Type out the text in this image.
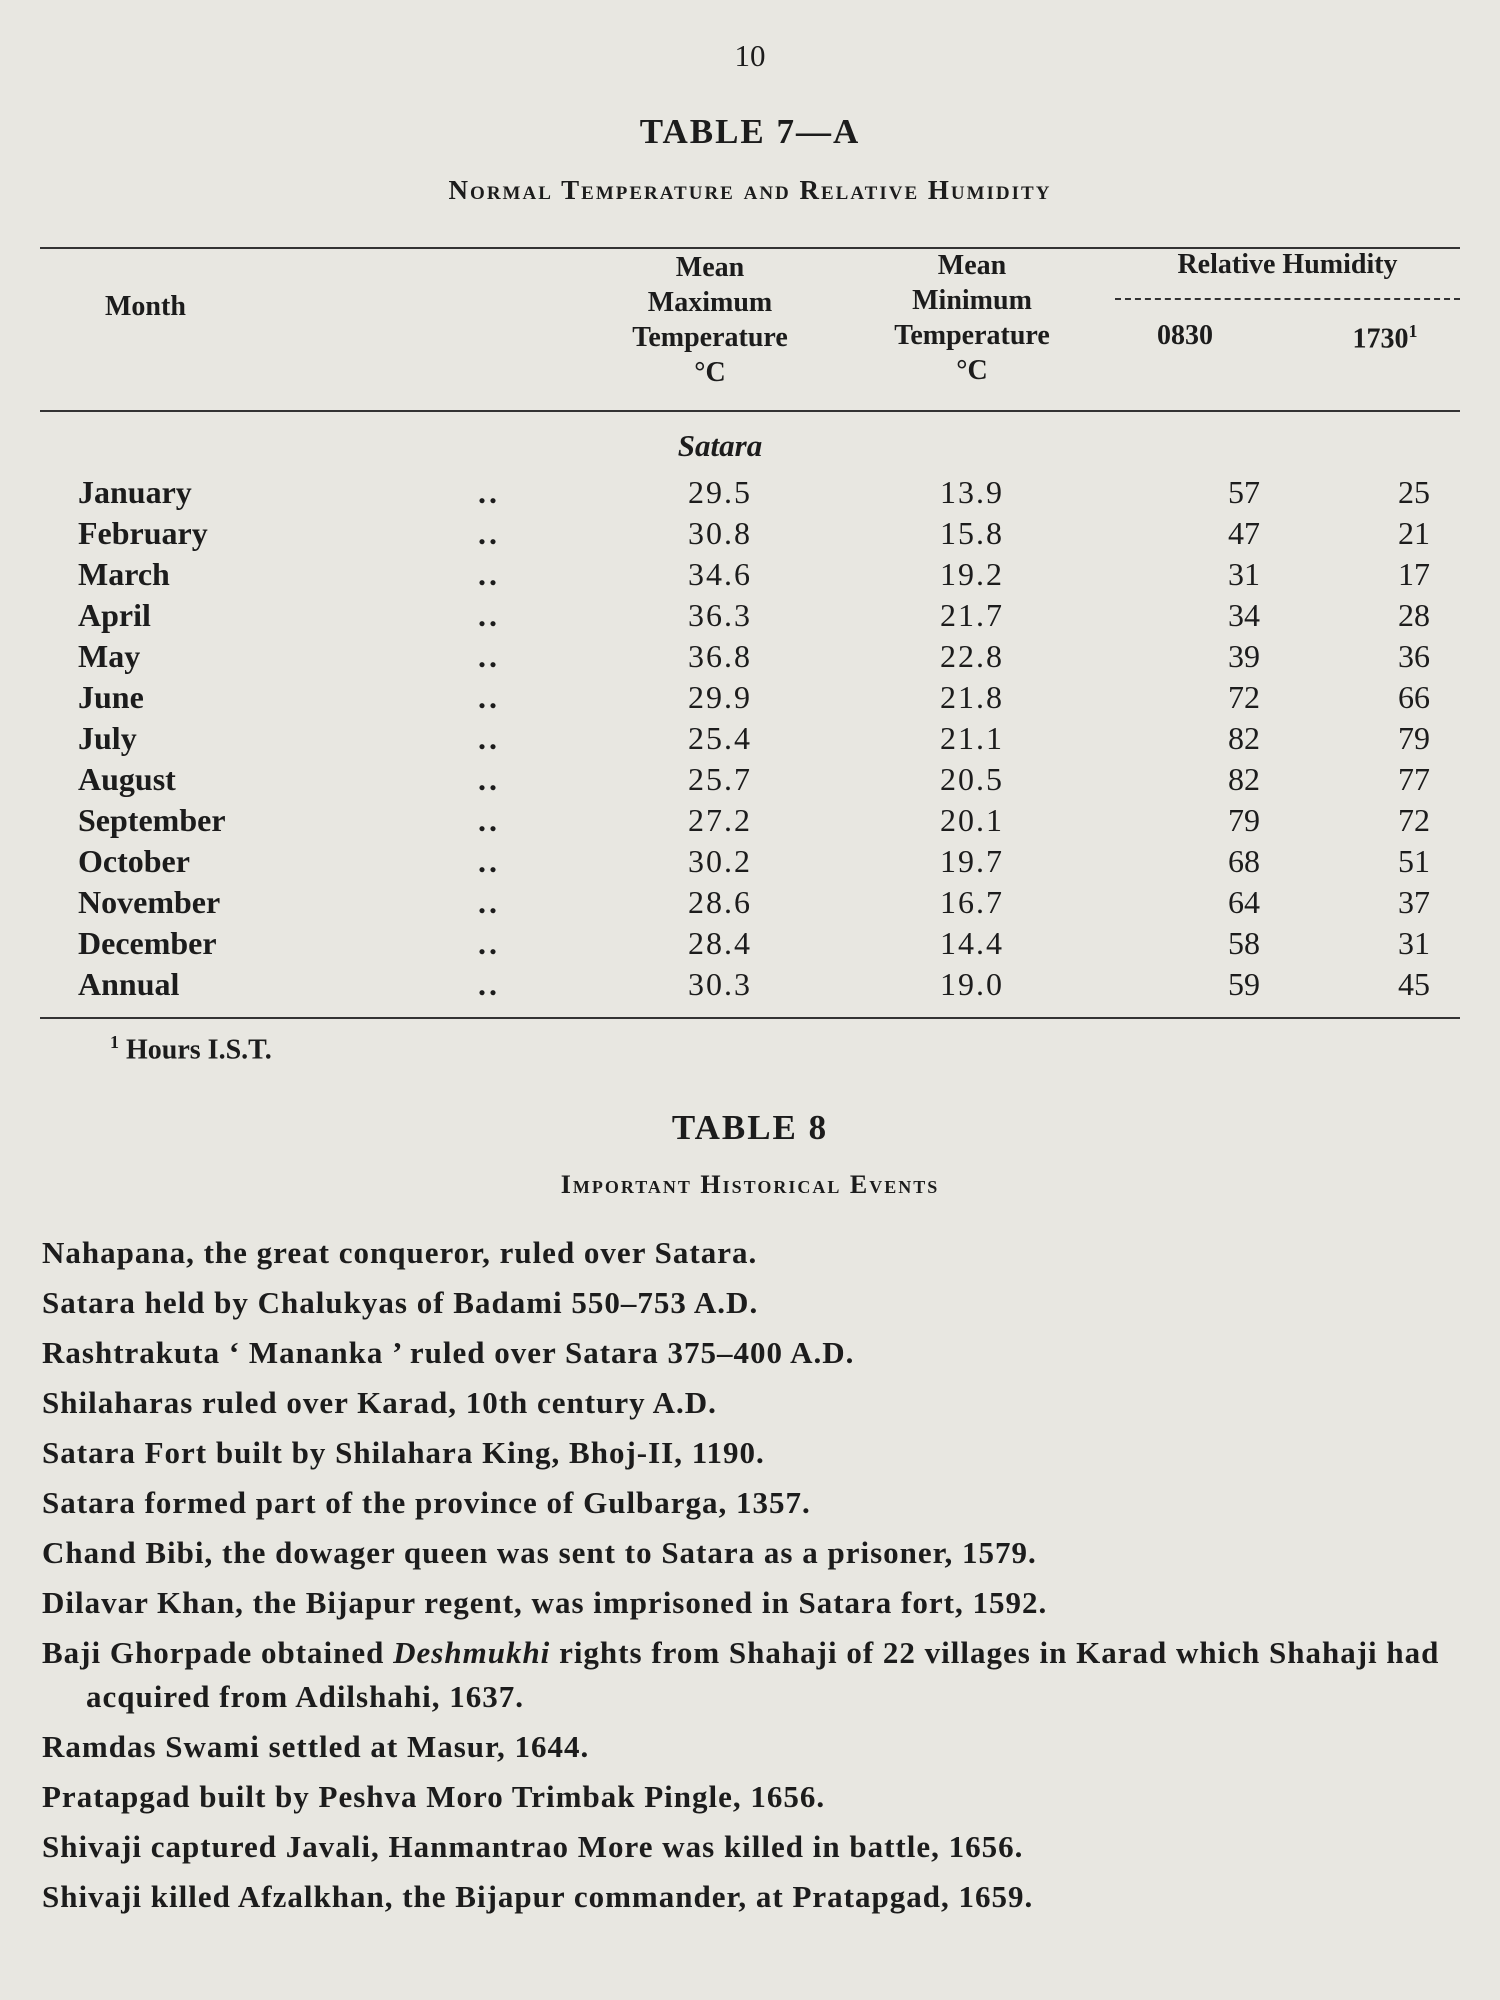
10
TABLE 7—A
Normal Temperature and Relative Humidity
Month
Mean
Maximum
Temperature
°C
Mean
Minimum
Temperature
°C
Relative Humidity
0830	1730$^1$
Satara
January	..	29.5	13.9	57	25
February	..	30.8	15.8	47	21
March	..	34.6	19.2	31	17
April	..	36.3	21.7	34	28
May	..	36.8	22.8	39	36
June	..	29.9	21.8	72	66
July	..	25.4	21.1	82	79
August	..	25.7	20.5	82	77
September	..	27.2	20.1	79	72
October	..	30.2	19.7	68	51
November	..	28.6	16.7	64	37
December	..	28.4	14.4	58	31
Annual	..	30.3	19.0	59	45
$^1$ Hours I.S.T.
TABLE 8
Important Historical Events

Nahapana, the great conqueror, ruled over Satara.

Satara held by Chalukyas of Badami 550–753 A.D.

Rashtrakuta ‘ Mananka ’ ruled over Satara 375–400 A.D.

Shilaharas ruled over Karad, 10th century A.D.

Satara Fort built by Shilahara King, Bhoj-II, 1190.

Satara formed part of the province of Gulbarga, 1357.

Chand Bibi, the dowager queen was sent to Satara as a prisoner, 1579.

Dilavar Khan, the Bijapur regent, was imprisoned in Satara fort, 1592.

Baji Ghorpade obtained Deshmukhi rights from Shahaji of 22 villages in Karad which Shahaji had acquired from Adilshahi, 1637.

Ramdas Swami settled at Masur, 1644.

Pratapgad built by Peshva Moro Trimbak Pingle, 1656.

Shivaji captured Javali, Hanmantrao More was killed in battle, 1656.

Shivaji killed Afzalkhan, the Bijapur commander, at Pratapgad, 1659.
